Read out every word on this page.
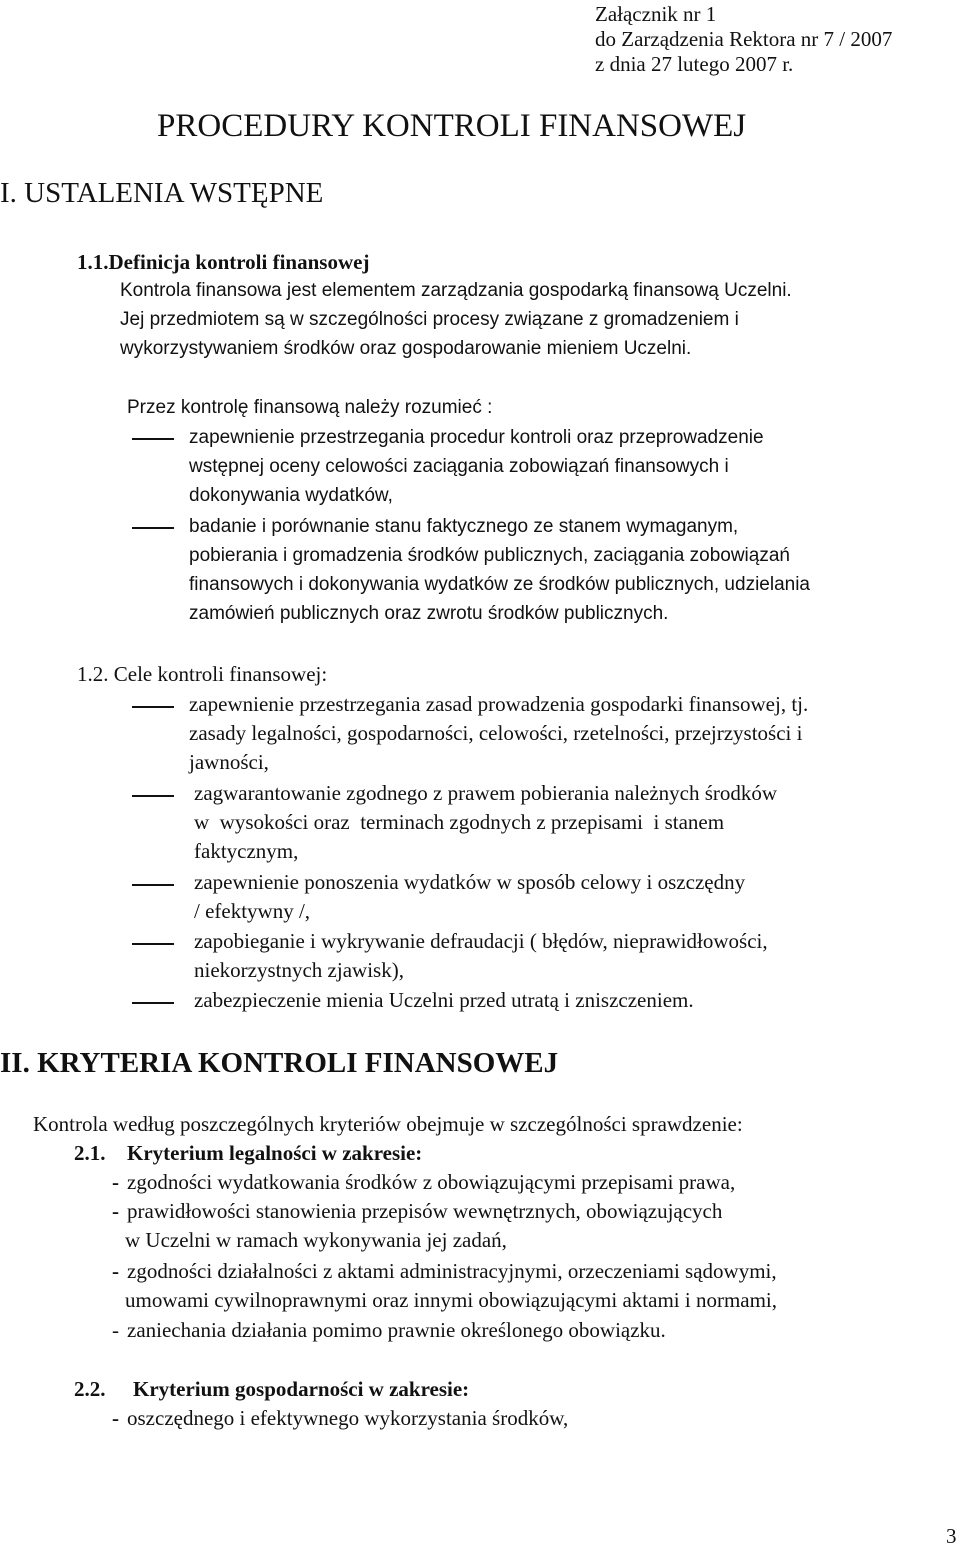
Załącznik nr 1
do Zarządzenia Rektora nr 7 / 2007
z dnia 27 lutego 2007 r.
PROCEDURY KONTROLI FINANSOWEJ
I. USTALENIA WSTĘPNE
1.1.Definicja kontroli finansowej
Kontrola finansowa jest elementem zarządzania gospodarką finansową Uczelni.
Jej przedmiotem są w szczególności procesy związane z gromadzeniem i
wykorzystywaniem środków oraz gospodarowanie mieniem Uczelni.
Przez kontrolę finansową należy rozumieć :
zapewnienie przestrzegania procedur kontroli oraz przeprowadzenie
wstępnej oceny celowości zaciągania zobowiązań finansowych i
dokonywania wydatków,
badanie i porównanie stanu faktycznego ze stanem wymaganym,
pobierania i gromadzenia środków publicznych, zaciągania zobowiązań
finansowych i dokonywania wydatków ze środków publicznych, udzielania
zamówień publicznych oraz zwrotu środków publicznych.
1.2. Cele kontroli finansowej:
zapewnienie przestrzegania zasad prowadzenia gospodarki finansowej, tj.
zasady legalności, gospodarności, celowości, rzetelności, przejrzystości i
jawności,
zagwarantowanie zgodnego z prawem pobierania należnych środków
w  wysokości oraz  terminach zgodnych z przepisami  i stanem
faktycznym,
zapewnienie ponoszenia wydatków w sposób celowy i oszczędny
/ efektywny /,
zapobieganie i wykrywanie defraudacji ( błędów, nieprawidłowości,
niekorzystnych zjawisk),
zabezpieczenie mienia Uczelni przed utratą i zniszczeniem.
II. KRYTERIA KONTROLI FINANSOWEJ
Kontrola według poszczególnych kryteriów obejmuje w szczególności sprawdzenie:
2.1. Kryterium legalności w zakresie:
- zgodności wydatkowania środków z obowiązującymi przepisami prawa,
- prawidłowości stanowienia przepisów wewnętrznych, obowiązujących
w Uczelni w ramach wykonywania jej zadań,
- zgodności działalności z aktami administracyjnymi, orzeczeniami sądowymi,
umowami cywilnoprawnymi oraz innymi obowiązującymi aktami i normami,
- zaniechania działania pomimo prawnie określonego obowiązku.
2.2. Kryterium gospodarności w zakresie:
- oszczędnego i efektywnego wykorzystania środków,
3
